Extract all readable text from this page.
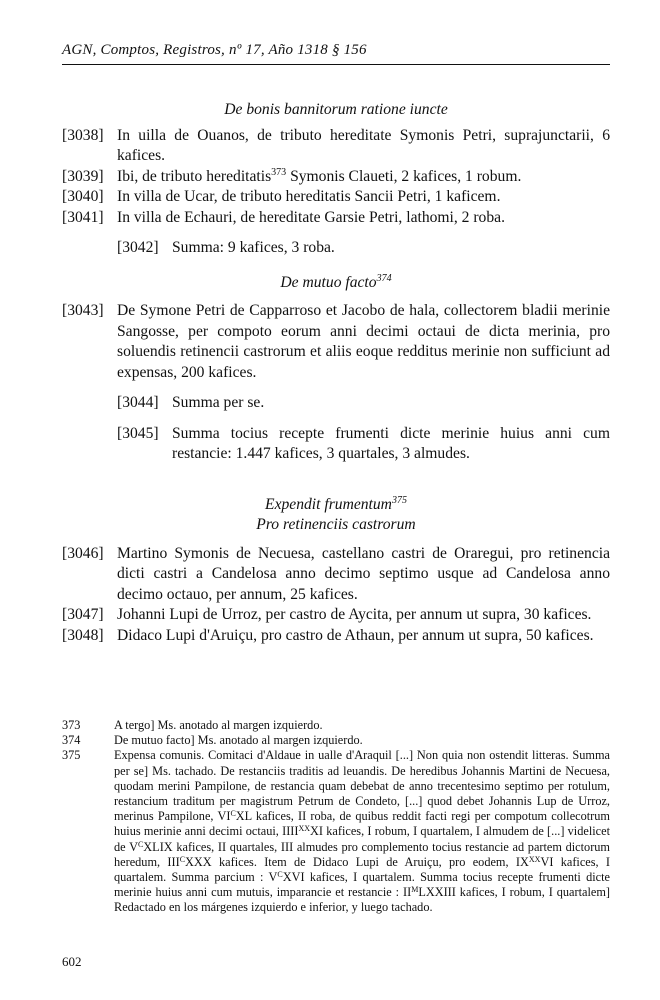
AGN, Comptos, Registros, nº 17, Año 1318 § 156

De bonis bannitorum ratione iuncte

[3038] In uilla de Ouanos, de tributo hereditate Symonis Petri, suprajunctarii, 6 kafices.

[3039] Ibi, de tributo hereditatis$^{373}$ Symonis Claueti, 2 kafices, 1 robum.

[3040] In villa de Ucar, de tributo hereditatis Sancii Petri, 1 kaficem.

[3041] In villa de Echauri, de hereditate Garsie Petri, lathomi, 2 roba.

[3042] Summa: 9 kafices, 3 roba.

De mutuo facto$^{374}$

[3043] De Symone Petri de Capparroso et Jacobo de hala, collectorem bladii merinie Sangosse, per compoto eorum anni decimi octaui de dicta merinia, pro soluendis retinencii castrorum et aliis eoque redditus merinie non sufficiunt ad expensas, 200 kafices.

[3044] Summa per se.

[3045] Summa tocius recepte frumenti dicte merinie huius anni cum restancie: 1.447 kafices, 3 quartales, 3 almudes.

Expendit frumentum$^{375}$

Pro retinenciis castrorum

[3046] Martino Symonis de Necuesa, castellano castri de Oraregui, pro retinencia dicti castri a Candelosa anno decimo septimo usque ad Candelosa anno decimo octauo, per annum, 25 kafices.

[3047] Johanni Lupi de Urroz, per castro de Aycita, per annum ut supra, 30 kafices.

[3048] Didaco Lupi d'Aruiçu, pro castro de Athaun, per annum ut supra, 50 kafices.

373	A tergo] Ms. anotado al margen izquierdo.

374	De mutuo facto] Ms. anotado al margen izquierdo.

375	Expensa comunis. Comitaci d'Aldaue in ualle d'Araquil [...] Non quia non ostendit litteras. Summa per se] Ms. tachado. De restanciis traditis ad leuandis. De heredibus Johannis Martini de Necuesa, quodam merini Pampilone, de restancia quam debebat de anno trecentesimo septimo per rotulum, restancium traditum per magistrum Petrum de Condeto, [...] quod debet Johannis Lup de Urroz, merinus Pampilone, $VI^CXL$ kafices, II roba, de quibus reddit facti regi per compotum collecotrum huius merinie anni decimi octaui, $IIII^{XX}XI$ kafices, I robum, I quartalem, I almudem de [...] videlicet de $V^CXLIX$ kafices, II quartales, III almudes pro complemento tocius restancie ad partem dictorum heredum, $III^CXXX$ kafices. Item de Didaco Lupi de Aruiçu, pro eodem, $IX^{XX}VI$ kafices, I quartalem. Summa parcium : $V^CXVI$ kafices, I quartalem. Summa tocius recepte frumenti dicte merinie huius anni cum mutuis, imparancie et restancie : $II^MLXXIII$ kafices, I robum, I quartalem] Redactado en los márgenes izquierdo e inferior, y luego tachado.

602
